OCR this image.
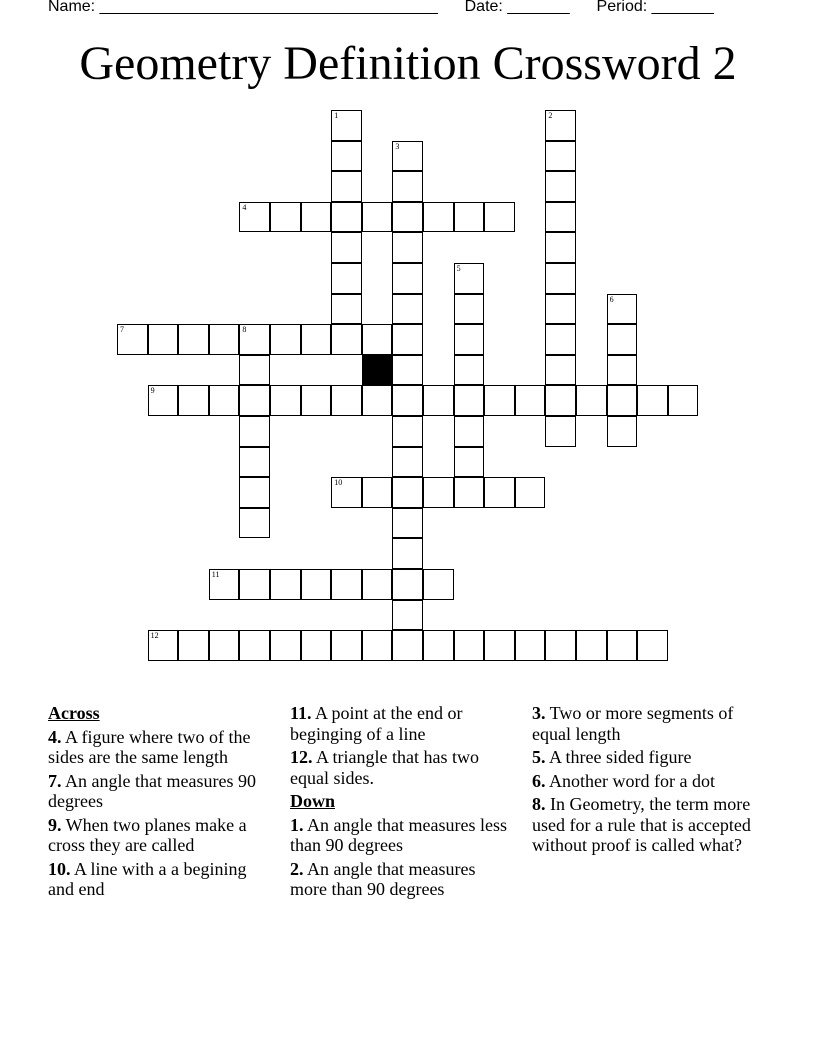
Name: ______________________________________ Date: _______ Period: _______
Geometry Definition Crossword 2
1	2
3
4
5
6
7	8
9
10
11
12
Across
4. A figure where two of the sides are the same length
7. An angle that measures 90 degrees
9. When two planes make a cross they are called
10. A line with a a begining and end
11. A point at the end or beginging of a line
12. A triangle that has two equal sides.
Down
1. An angle that measures less than 90 degrees
2. An angle that measures more than 90 degrees
3. Two or more segments of equal length
5. A three sided figure
6. Another word for a dot
8. In Geometry, the term more used for a rule that is accepted without proof is called what?
